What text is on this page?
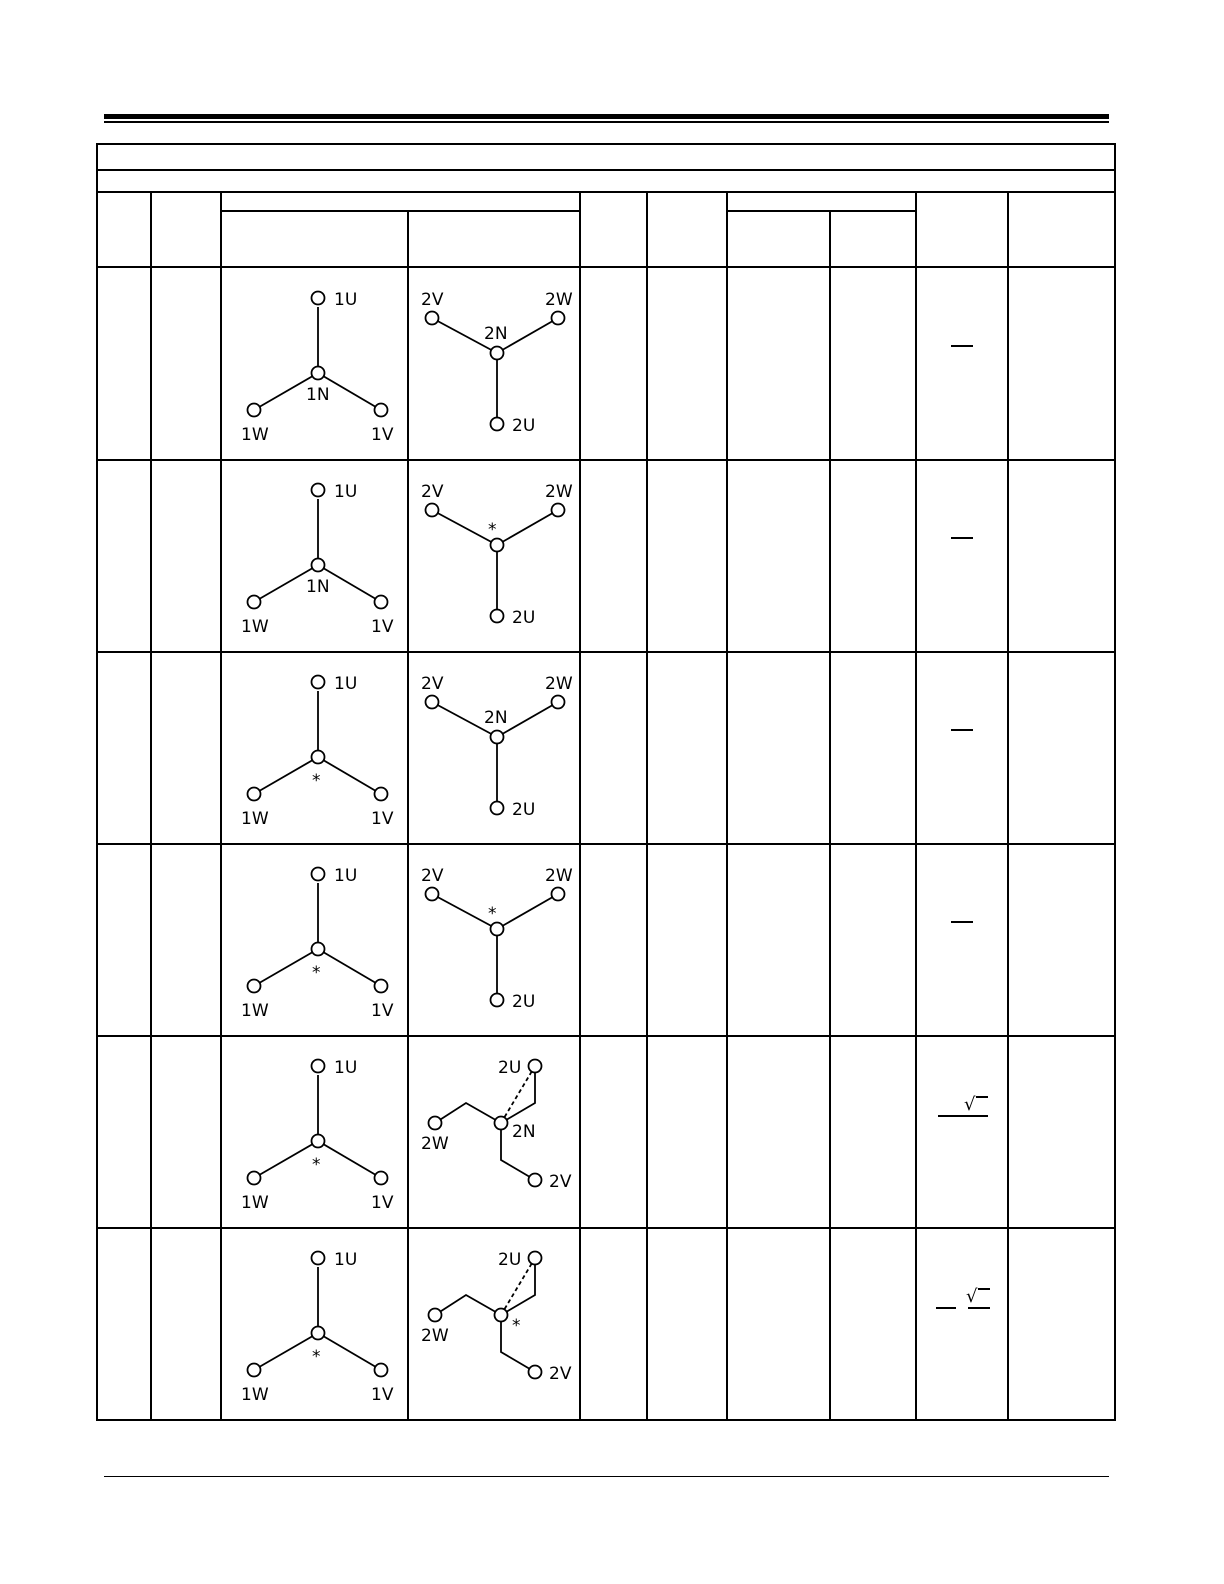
1U
1N
1W	1V
2V	2W
2N
2U
1U
1N
1W	1V
2V	2W
*
2U
1U
*
1W	1V
2V	2W
2N
2U
1U
*
1W	1V
2V	2W
*
2U
1U
*
1W	1V
2U
2W
2N
2V
√
1U
*
1W	1V
2U
2W	*
2V
√
